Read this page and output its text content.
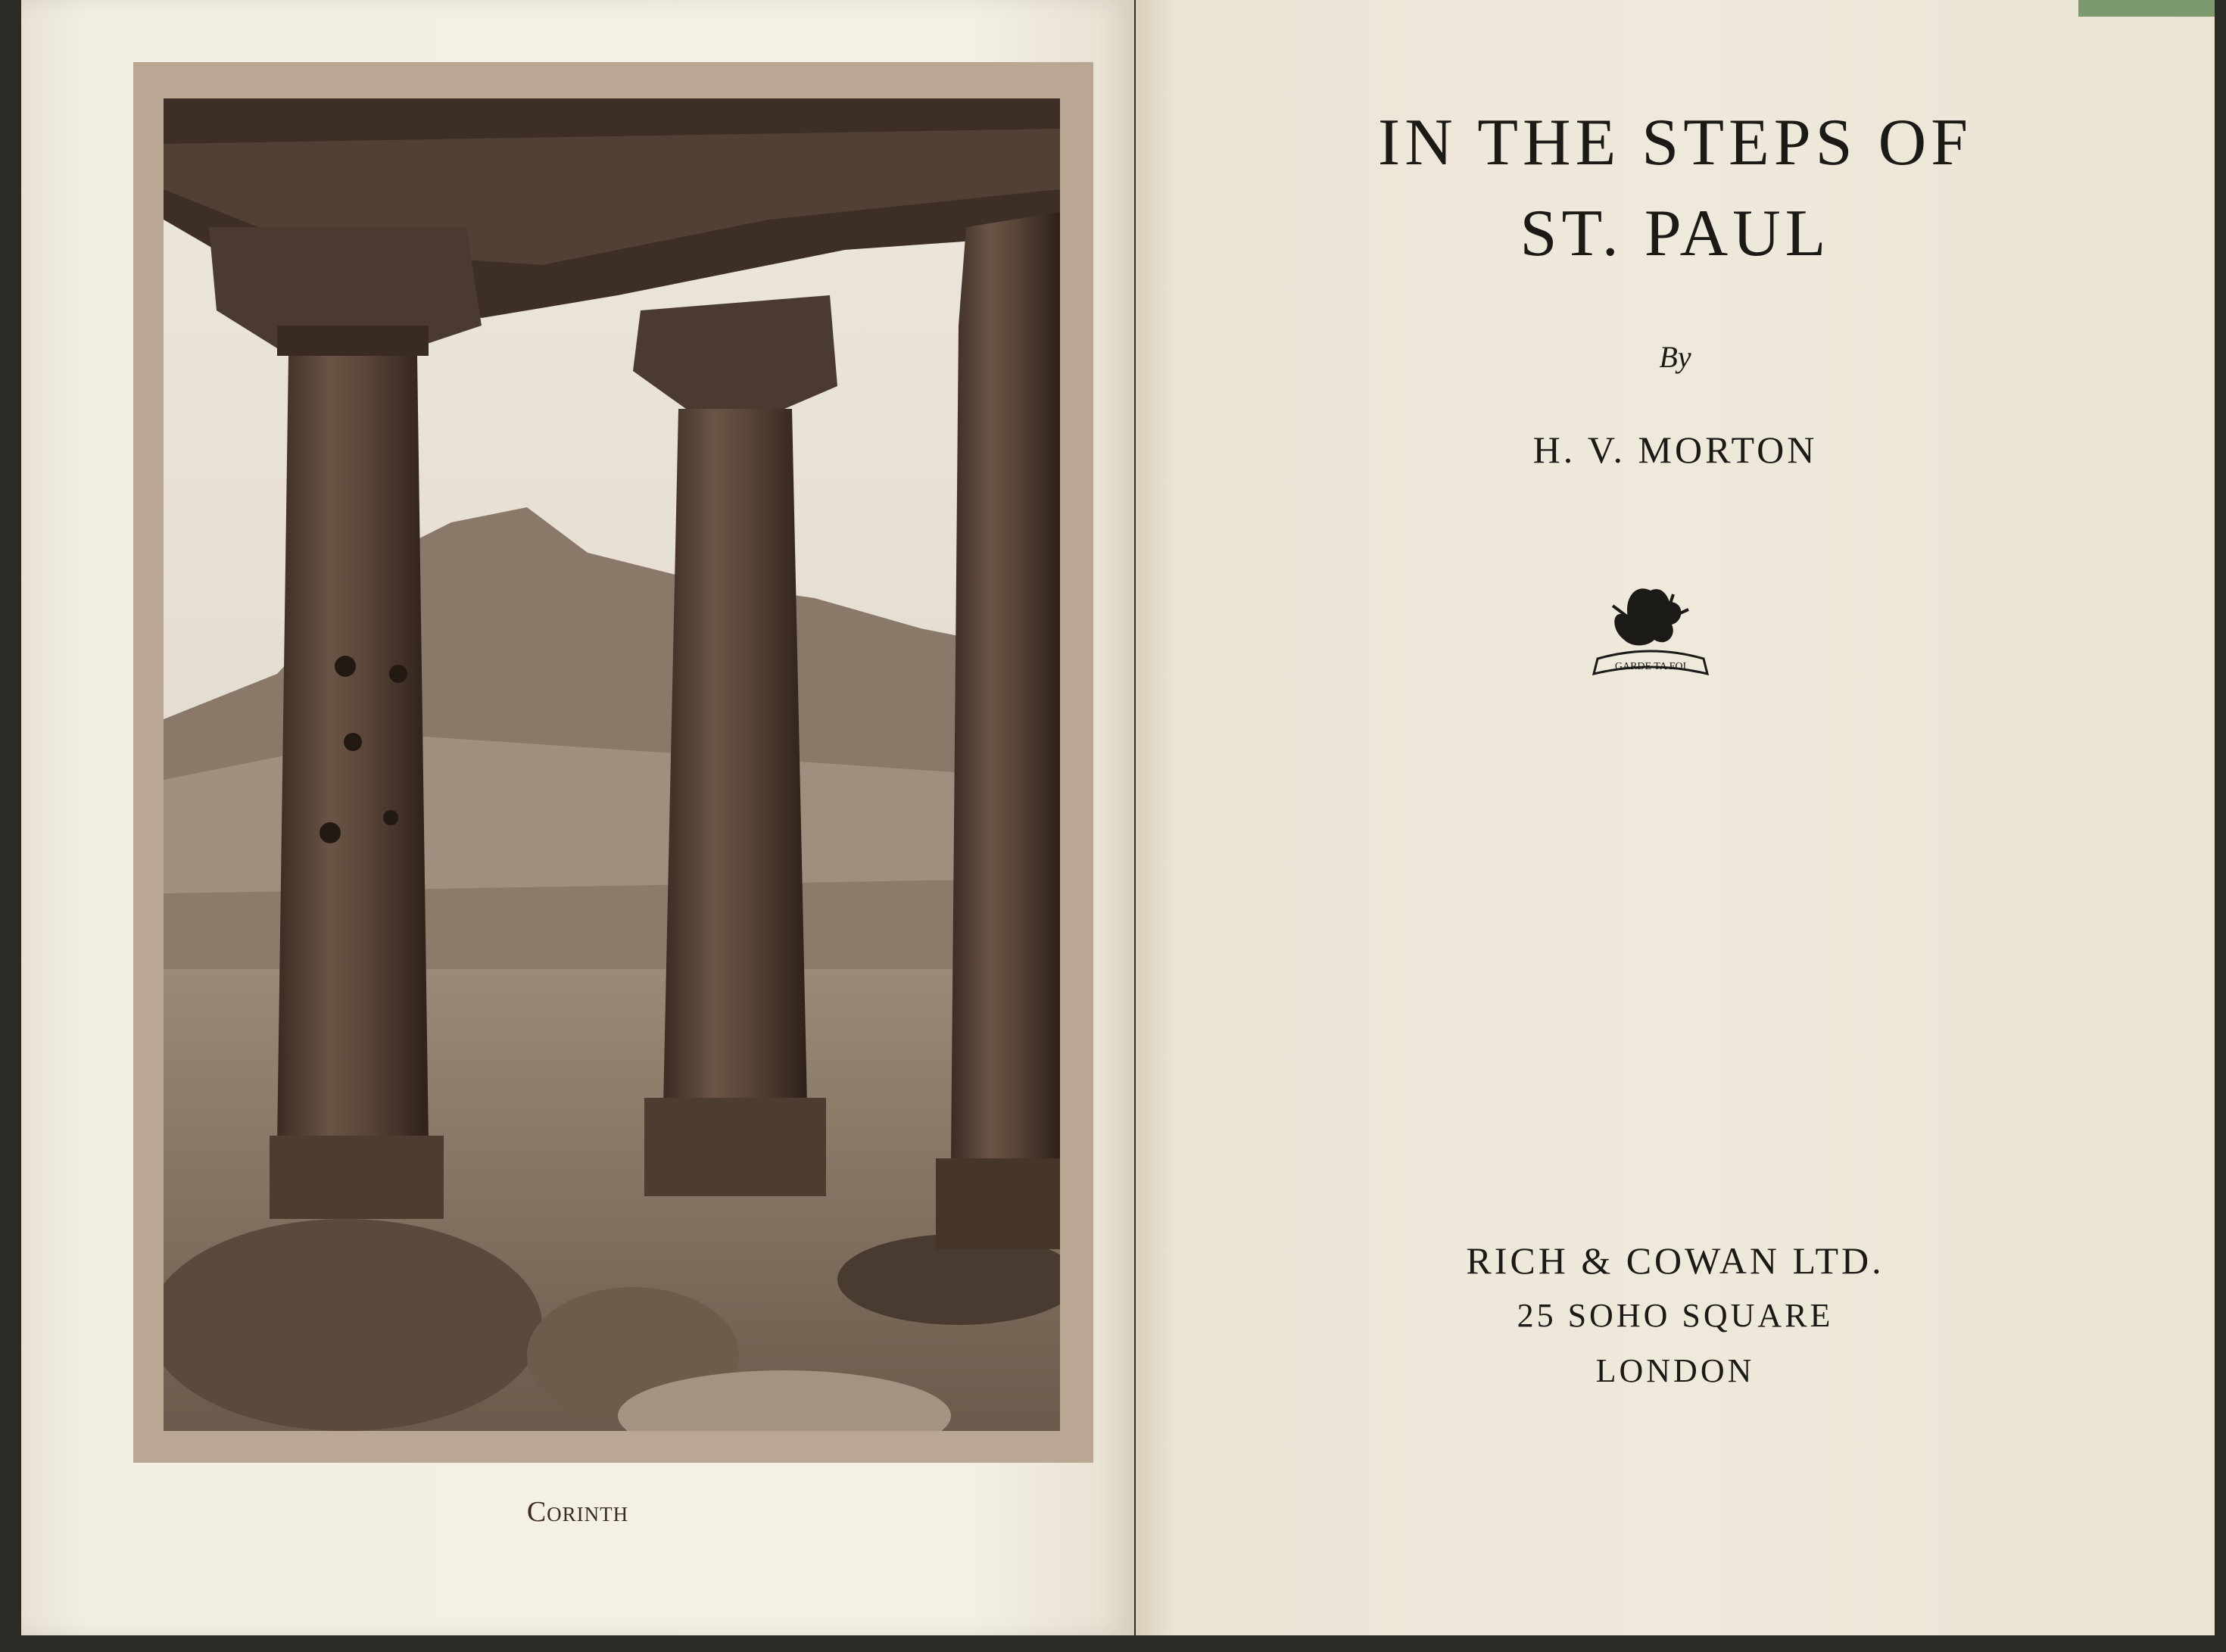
Corinth
IN THE STEPS OF
ST. PAUL
By
H. V. MORTON
GARDE TA FOI
RICH & COWAN LTD.
25 SOHO SQUARE
LONDON
